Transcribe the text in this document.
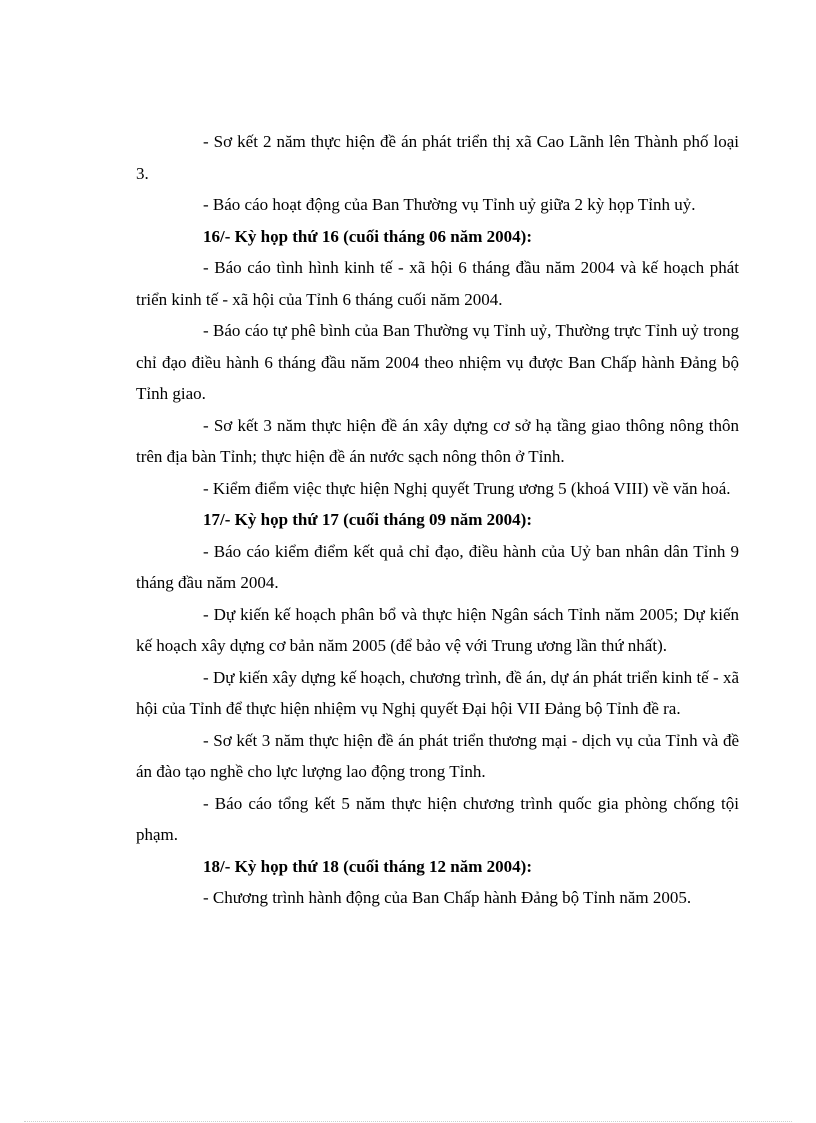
- Sơ kết 2 năm thực hiện đề án phát triển thị xã Cao Lãnh lên Thành phố loại 3.

- Báo cáo hoạt động của Ban Thường vụ Tỉnh uỷ giữa 2 kỳ họp Tỉnh uỷ.

16/- Kỳ họp thứ 16 (cuối tháng 06 năm 2004):

- Báo cáo tình hình kinh tế - xã hội 6 tháng đầu năm 2004 và kế hoạch phát triển kinh tế - xã hội của Tỉnh 6 tháng cuối năm 2004.

- Báo cáo tự phê bình của Ban Thường vụ Tỉnh uỷ, Thường trực Tỉnh uỷ trong chỉ đạo điều hành 6 tháng đầu năm 2004 theo nhiệm vụ được Ban Chấp hành Đảng bộ Tỉnh giao.

- Sơ kết 3 năm thực hiện đề án xây dựng cơ sở hạ tầng giao thông nông thôn trên địa bàn Tỉnh; thực hiện đề án nước sạch nông thôn ở Tỉnh.

- Kiểm điểm việc thực hiện Nghị quyết Trung ương 5 (khoá VIII) về văn hoá.

17/- Kỳ họp thứ 17 (cuối tháng 09 năm 2004):

- Báo cáo kiểm điểm kết quả chỉ đạo, điều hành của Uỷ ban nhân dân Tỉnh 9 tháng đầu năm 2004.

- Dự kiến kế hoạch phân bổ và thực hiện Ngân sách Tỉnh năm 2005; Dự kiến kế hoạch xây dựng cơ bản năm 2005 (để bảo vệ với Trung ương lần thứ nhất).

- Dự kiến xây dựng kế hoạch, chương trình, đề án, dự án phát triển kinh tế - xã hội của Tỉnh để thực hiện nhiệm vụ Nghị quyết Đại hội VII Đảng bộ Tỉnh đề ra.

- Sơ kết 3 năm thực hiện đề án phát triển thương mại - dịch vụ của Tỉnh và đề án đào tạo nghề cho lực lượng lao động trong Tỉnh.

- Báo cáo tổng kết 5 năm thực hiện chương trình quốc gia phòng chống tội phạm.

18/- Kỳ họp thứ 18 (cuối tháng 12 năm 2004):

- Chương trình hành động của Ban Chấp hành Đảng bộ Tỉnh năm 2005.
